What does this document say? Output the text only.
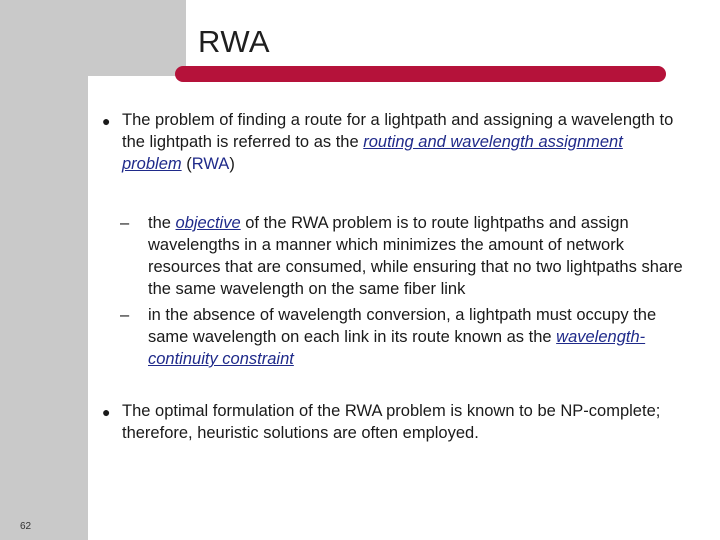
RWA
● The problem of finding a route for a lightpath and assigning a wavelength to the lightpath is referred to as the routing and wavelength assignment problem (RWA)
– the objective of the RWA problem is to route lightpaths and assign wavelengths in a manner which minimizes the amount of network resources that are consumed, while ensuring that no two lightpaths share the same wavelength on the same fiber link
– in the absence of wavelength conversion, a lightpath must occupy the same wavelength on each link in its route known as the wavelength-continuity constraint
● The optimal formulation of the RWA problem is known to be NP-complete; therefore, heuristic solutions are often employed.
62
